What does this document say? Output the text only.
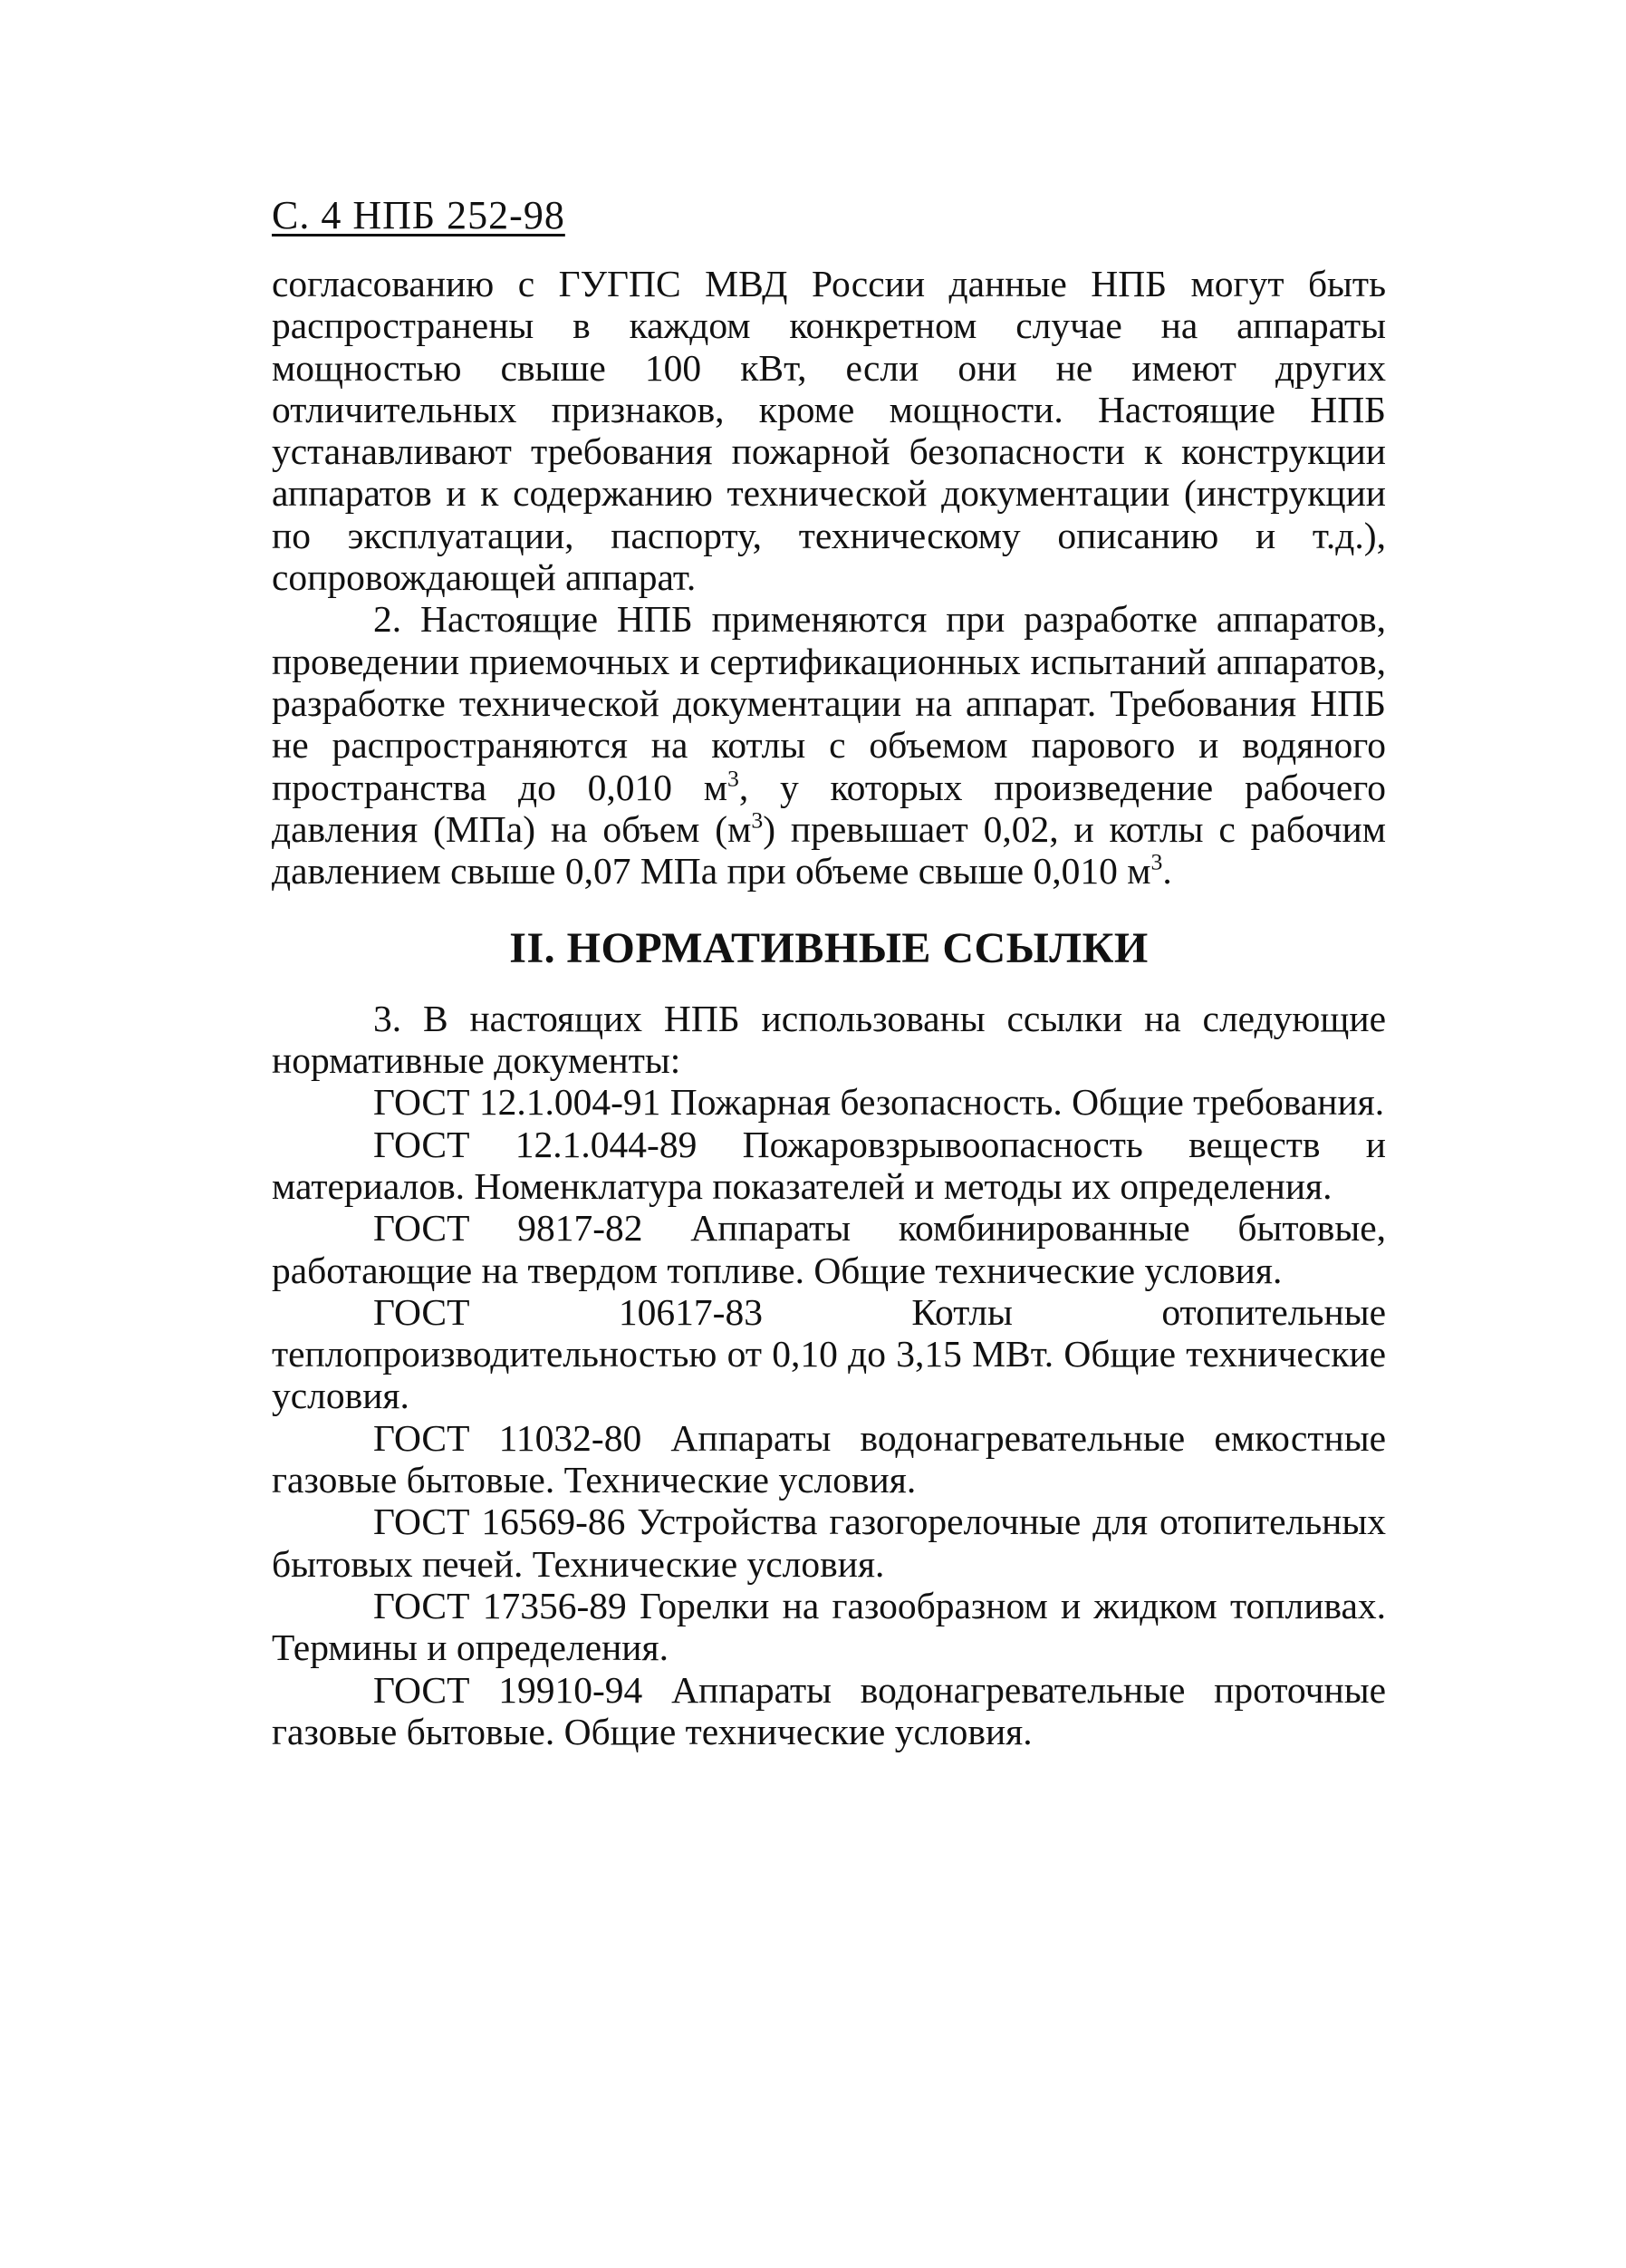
С. 4 НПБ 252-98

согласованию с ГУГПС МВД России данные НПБ могут быть распространены в каждом конкретном случае на аппараты мощностью свыше 100 кВт, если они не имеют других отличительных признаков, кроме мощности. Настоящие НПБ устанавливают требования пожарной безопасности к конструкции аппаратов и к содержанию технической документации (инструкции по эксплуатации, паспорту, техническому описанию и т.д.), сопровождающей аппарат.

2. Настоящие НПБ применяются при разработке аппаратов, проведении приемочных и сертификационных испытаний аппаратов, разработке технической документации на аппарат. Требования НПБ не распространяются на котлы с объемом парового и водяного пространства до 0,010 $м^3$, у которых произведение рабочего давления (МПа) на объем $(м^3)$ превышает 0,02, и котлы с рабочим давлением свыше 0,07 МПа при объеме свыше 0,010 $м^3$.

II. НОРМАТИВНЫЕ ССЫЛКИ

3. В настоящих НПБ использованы ссылки на следующие нормативные документы:

ГОСТ 12.1.004-91 Пожарная безопасность. Общие требования.

ГОСТ 12.1.044-89 Пожаровзрывоопасность веществ и материалов. Номенклатура показателей и методы их определения.

ГОСТ 9817-82 Аппараты комбинированные бытовые, работающие на твердом топливе. Общие технические условия.

ГОСТ 10617-83 Котлы отопительные теплопроизводительностью от 0,10 до 3,15 МВт. Общие технические условия.

ГОСТ 11032-80 Аппараты водонагревательные емкостные газовые бытовые. Технические условия.

ГОСТ 16569-86 Устройства газогорелочные для отопительных бытовых печей. Технические условия.

ГОСТ 17356-89 Горелки на газообразном и жидком топливах. Термины и определения.

ГОСТ 19910-94 Аппараты водонагревательные проточные газовые бытовые. Общие технические условия.
